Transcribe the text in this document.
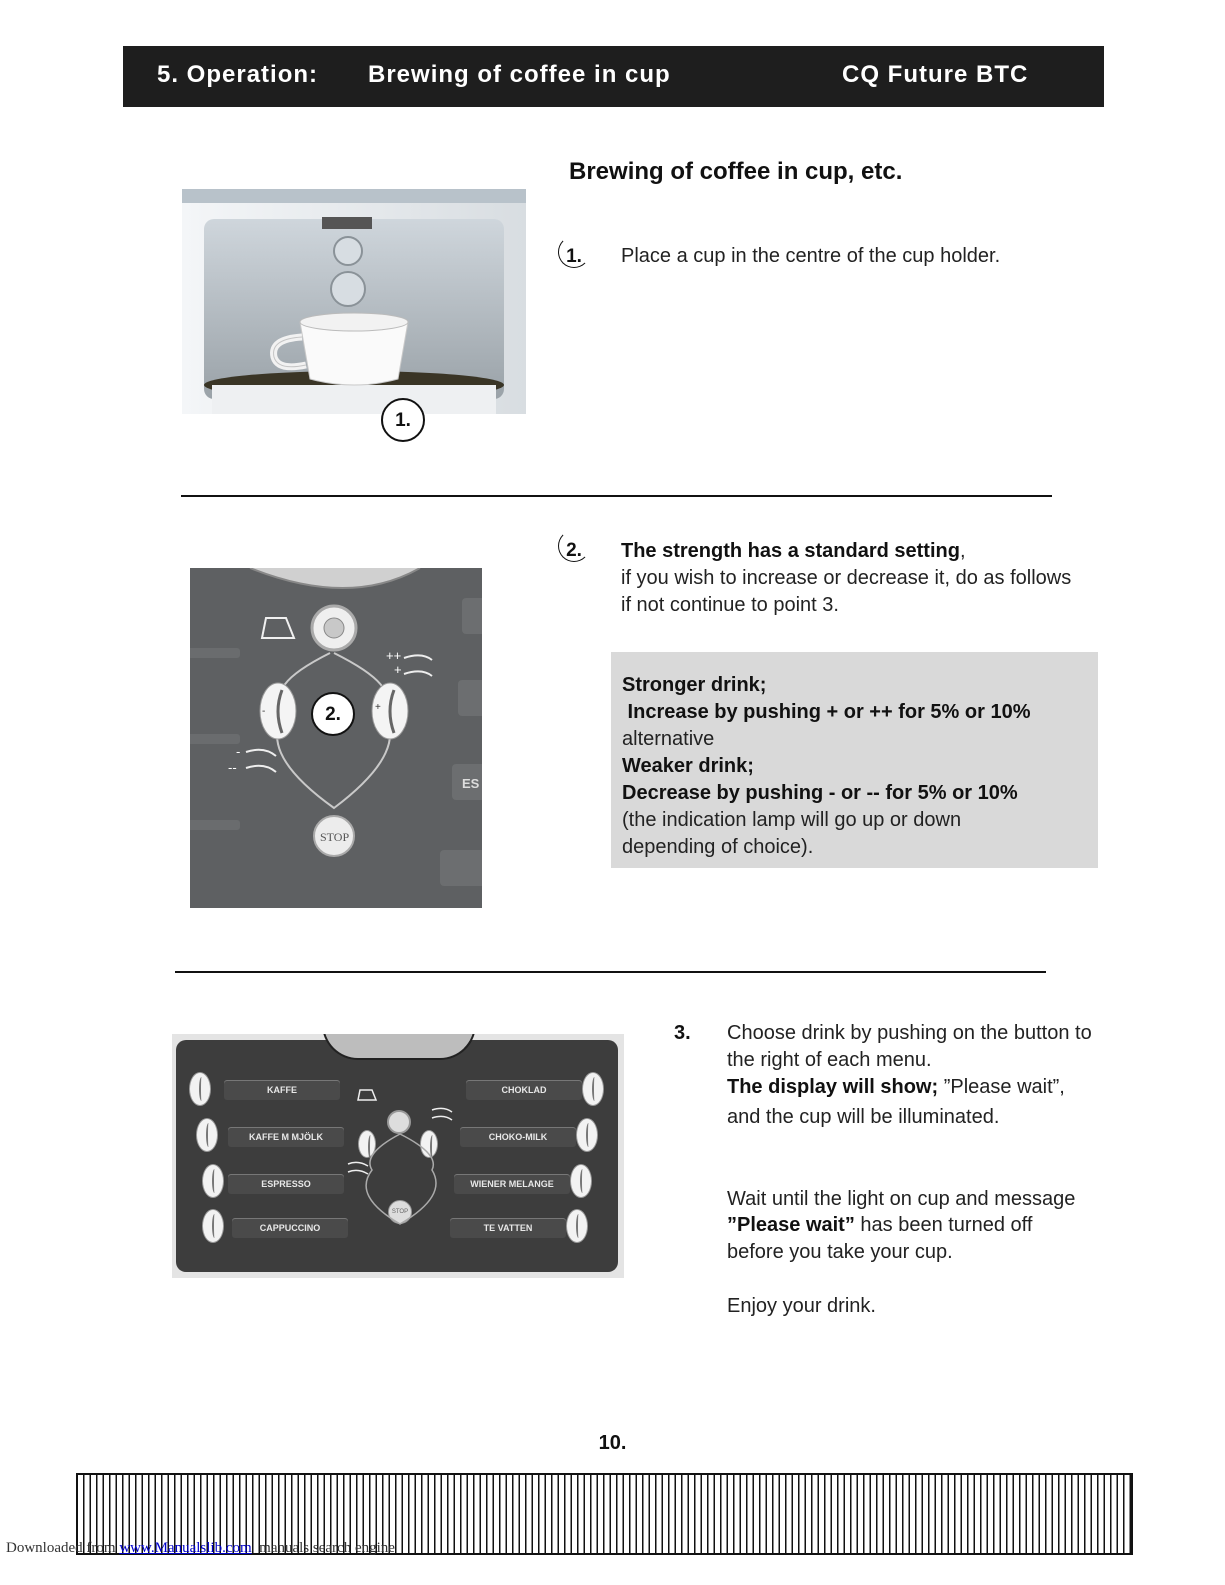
5. Operation: Brewing of coffee in cup	CQ Future BTC
Brewing of coffee in cup, etc.
1.
1.	Place a cup in the centre of the cup holder.
++
+
-
--
-	+
STOP
ES
2.
2.	The strength has a standard setting,
if you wish to increase or decrease it, do as follows
if not continue to point 3.
Stronger drink;
Increase by pushing + or ++ for 5% or 10%
alternative
Weaker drink;
Decrease by pushing - or -- for 5% or 10%
(the indication lamp will go up or down
depending of choice).
KAFFE
KAFFE M MJÖLK
ESPRESSO
CAPPUCCINO
CHOKLAD
CHOKO-MILK
WIENER MELANGE
TE VATTEN
STOP
3. Choose drink by pushing on the button to
the right of each menu.
The display will show; ”Please wait”,
and the cup will be illuminated.
Wait until the light on cup and message
”Please wait” has been turned off
before you take your cup.
Enjoy your drink.
10.
Downloaded from www.Manualslib.com  manuals search engine
